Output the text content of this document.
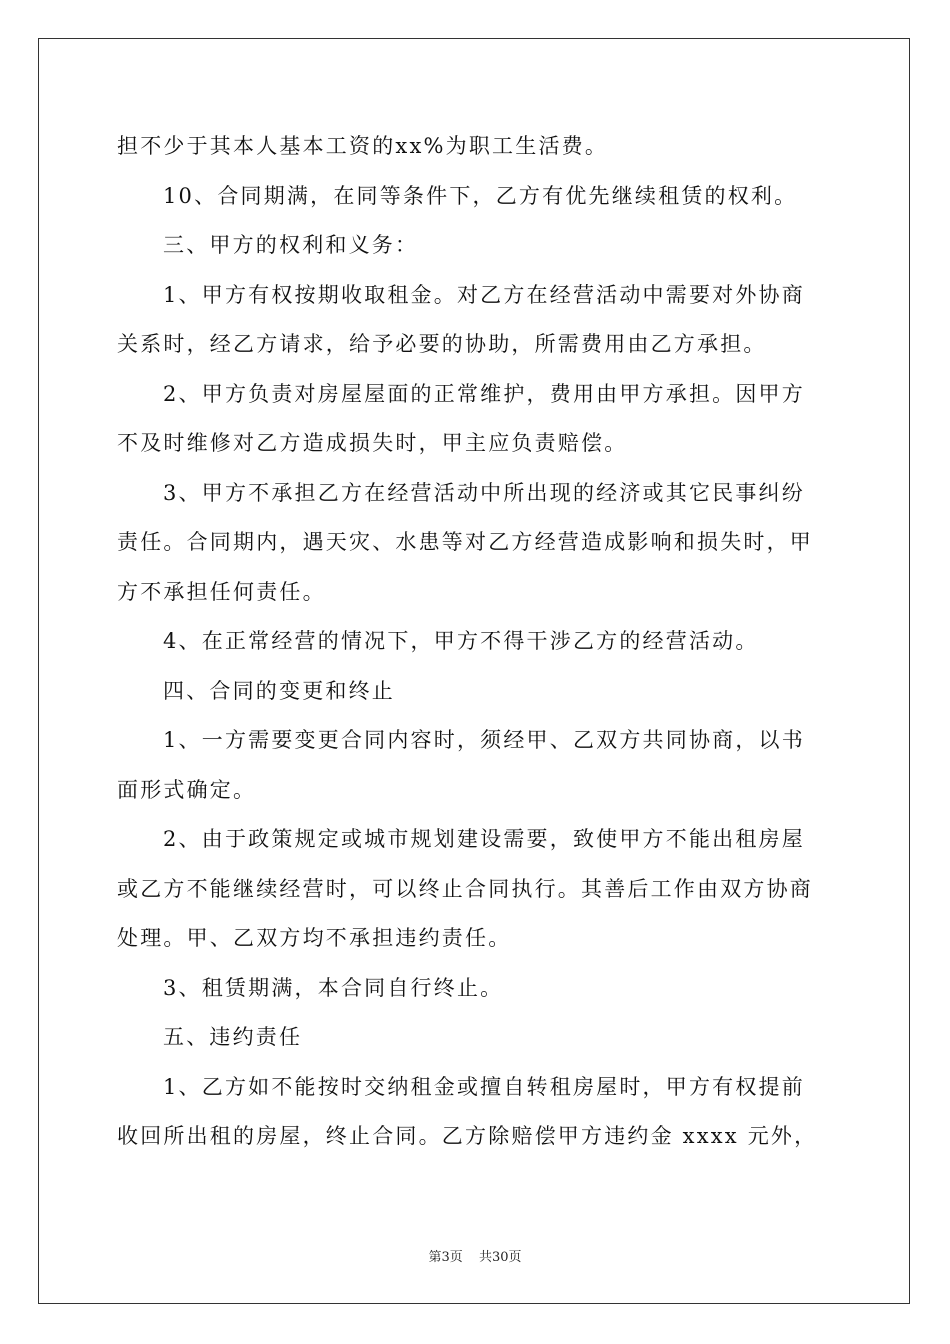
担不少于其本人基本工资的xx%为职工生活费。
10、合同期满，在同等条件下，乙方有优先继续租赁的权利。
三、甲方的权利和义务：
1、甲方有权按期收取租金。对乙方在经营活动中需要对外协商
关系时，经乙方请求，给予必要的协助，所需费用由乙方承担。
2、甲方负责对房屋屋面的正常维护，费用由甲方承担。因甲方
不及时维修对乙方造成损失时，甲主应负责赔偿。
3、甲方不承担乙方在经营活动中所出现的经济或其它民事纠纷
责任。合同期内，遇天灾、水患等对乙方经营造成影响和损失时，甲
方不承担任何责任。
4、在正常经营的情况下，甲方不得干涉乙方的经营活动。
四、合同的变更和终止
1、一方需要变更合同内容时，须经甲、乙双方共同协商，以书
面形式确定。
2、由于政策规定或城市规划建设需要，致使甲方不能出租房屋
或乙方不能继续经营时，可以终止合同执行。其善后工作由双方协商
处理。甲、乙双方均不承担违约责任。
3、租赁期满，本合同自行终止。
五、违约责任
1、乙方如不能按时交纳租金或擅自转租房屋时，甲方有权提前
收回所出租的房屋，终止合同。乙方除赔偿甲方违约金 xxxx 元外，
第3页 共30页
